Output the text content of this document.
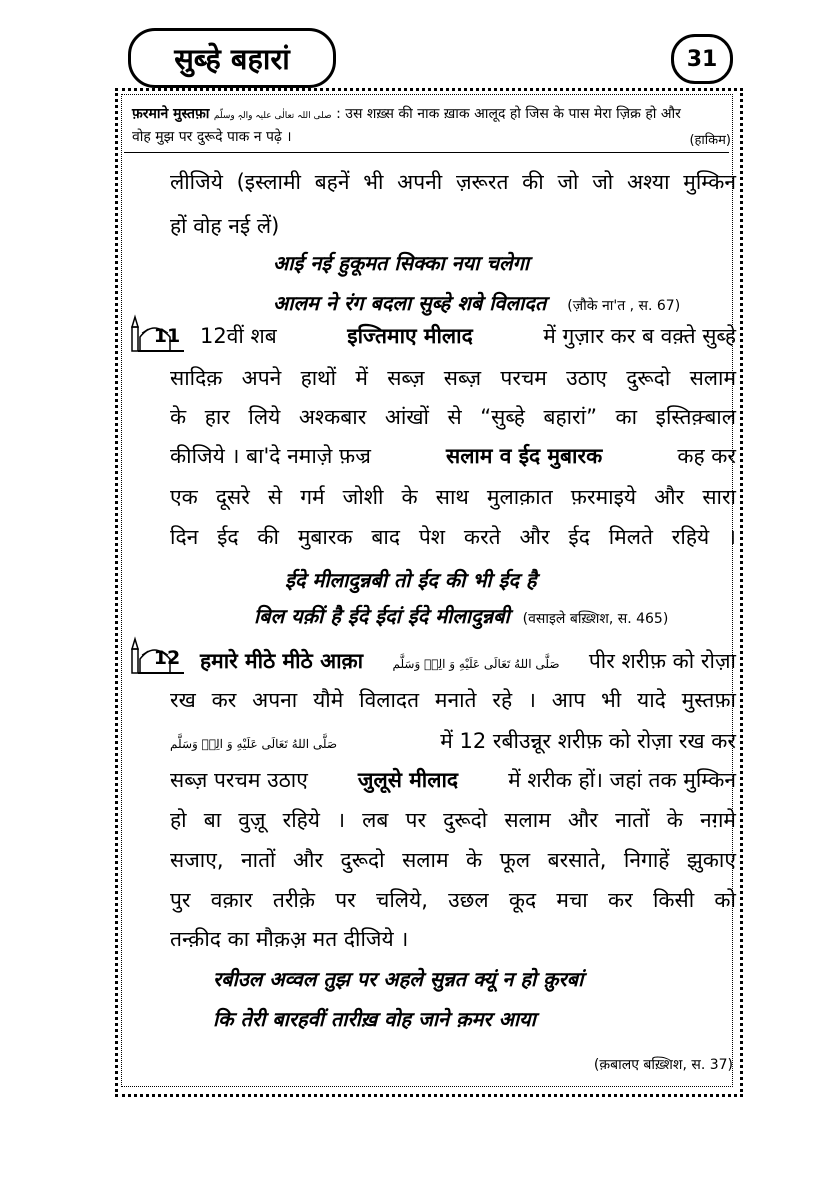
सुब्हे बहारां	31
फ़रमाने मुस्तफ़ा صلی اللہ تعالٰی علیہ والہٖ وسلّم : उस शख़्स की नाक ख़ाक आलूद हो जिस के पास मेरा ज़िक्र हो और
वोह मुझ पर दुरूदे पाक न पढ़े ।	(हाकिम)
लीजिये (इस्लामी बहनें भी अपनी ज़रूरत की जो जो अश्या मुम्किन
हों वोह नई लें)
आई नई हुकूमत सिक्का नया चलेगा
आलम ने रंग बदला सुब्हे शबे विलादत (ज़ौके ना'त , स. 67)
11 12वीं शब	इज्तिमाए मीलाद	में गुज़ार कर ब वक़्ते सुब्हे
सादिक़ अपने हाथों में सब्ज़ सब्ज़ परचम उठाए दुरूदो सलाम
के हार लिये अश्कबार आंखों से “सुब्हे बहारां” का इस्तिक़्बाल
कीजिये । बा'दे नमाज़े फ़ज्र	सलाम व ईद मुबारक	कह कर
एक दूसरे से गर्म जोशी के साथ मुलाक़ात फ़रमाइये और सारा
दिन ईद की मुबारक बाद पेश करते और ईद मिलते रहिये ।
ईदे मीलादुन्नबी तो ईद की भी ईद है
बिल यक़ीं है ईदे ईदां ईदे मीलादुन्नबी (वसाइले बख़्शिश, स. 465)
12 हमारे मीठे मीठे आक़ा صَلَّى اللهُ تَعَالَى عَلَيْهِ وَ الِهٖ وَسَلَّم पीर शरीफ़ को रोज़ा
रख कर अपना यौमे विलादत मनाते रहे । आप भी यादे मुस्तफ़ा
صَلَّى اللهُ تَعَالَى عَلَيْهِ وَ الِهٖ وَسَلَّم	में 12 रबीउन्नूर शरीफ़ को रोज़ा रख कर
सब्ज़ परचम उठाए जुलूसे मीलाद में शरीक हों। जहां तक मुम्किन
हो बा वुज़ू रहिये । लब पर दुरूदो सलाम और नातों के नग़मे
सजाए, नातों और दुरूदो सलाम के फूल बरसाते, निगाहें झुकाए
पुर वक़ार तरीक़े पर चलिये, उछल कूद मचा कर किसी को
तन्क़ीद का मौक़अ़ मत दीजिये ।
रबीउल अव्वल तुझ पर अहले सुन्नत क्यूं न हो क़ुरबां
कि तेरी बारहवीं तारीख़ वोह जाने क़मर आया
(क़बालए बख़्शिश, स. 37)
